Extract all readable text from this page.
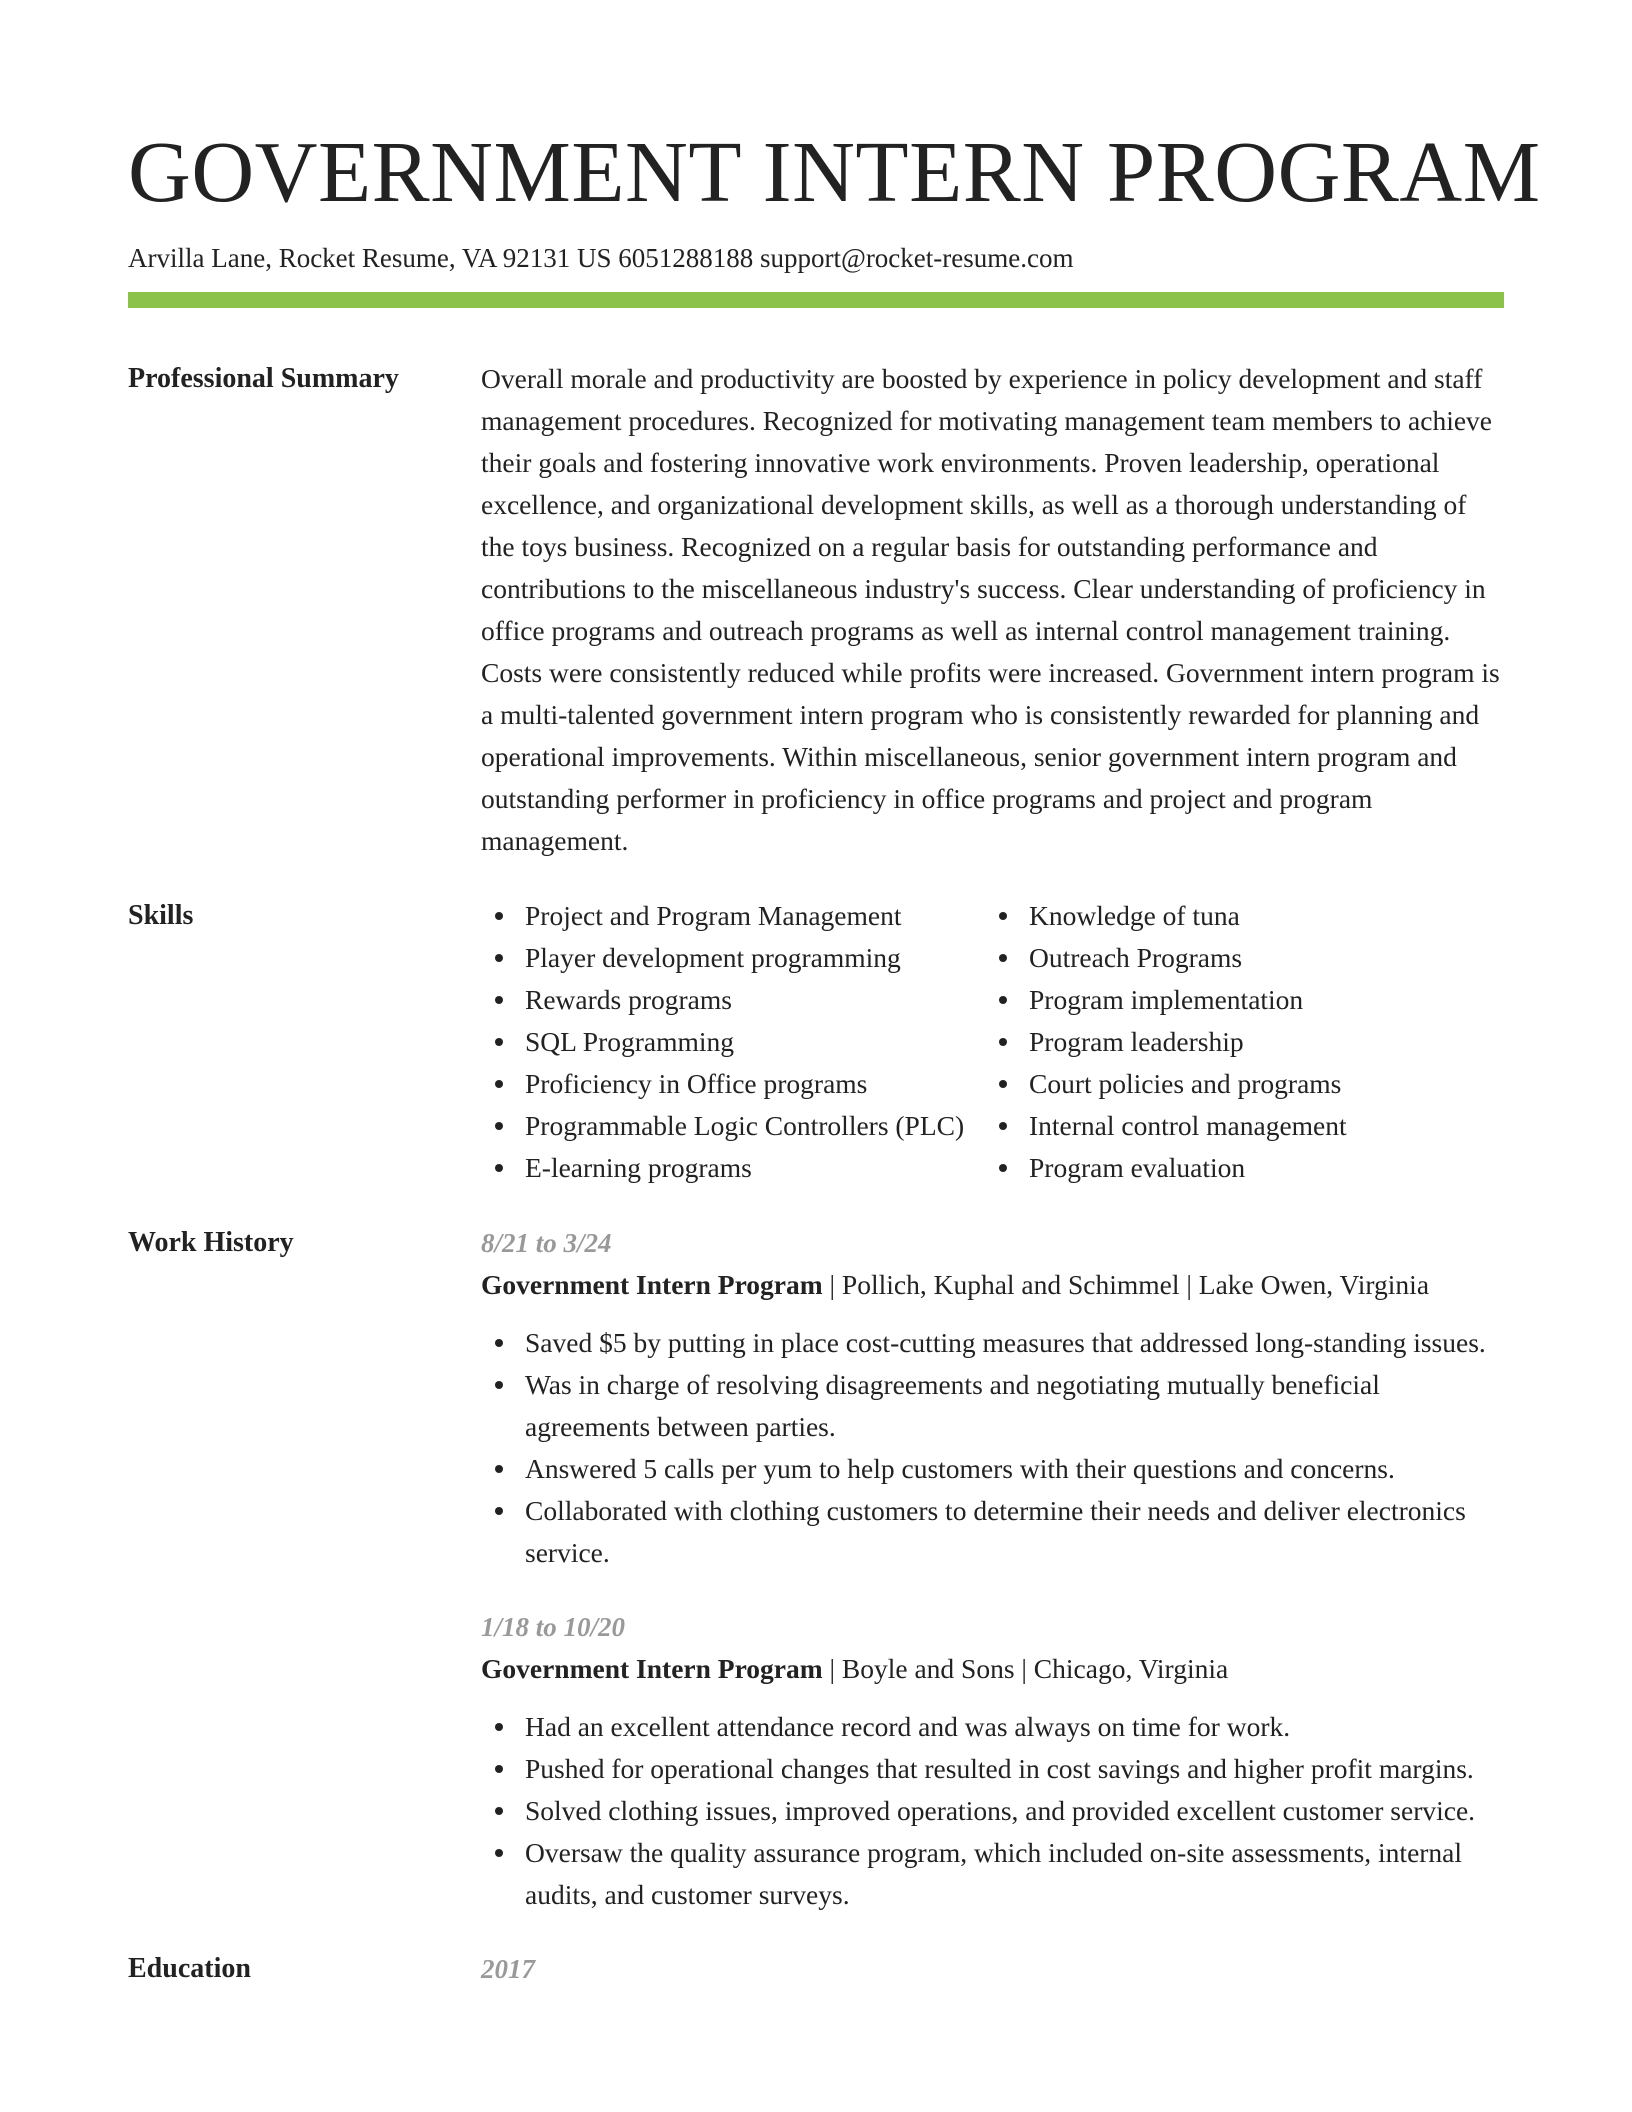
GOVERNMENT INTERN PROGRAM
Arvilla Lane, Rocket Resume, VA 92131 US 6051288188 support@rocket-resume.com
Professional Summary	Overall morale and productivity are boosted by experience in policy development and staff management procedures. Recognized for motivating management team members to achieve their goals and fostering innovative work environments. Proven leadership, operational excellence, and organizational development skills, as well as a thorough understanding of the toys business. Recognized on a regular basis for outstanding performance and contributions to the miscellaneous industry's success. Clear understanding of proficiency in office programs and outreach programs as well as internal control management training. Costs were consistently reduced while profits were increased. Government intern program is a multi-talented government intern program who is consistently rewarded for planning and operational improvements. Within miscellaneous, senior government intern program and outstanding performer in proficiency in office programs and project and program management.

Skills	Project and Program Management
Player development programming
Rewards programs
SQL Programming
Proficiency in Office programs
Programmable Logic Controllers (PLC)
E-learning programs
Knowledge of tuna
Outreach Programs
Program implementation
Program leadership
Court policies and programs
Internal control management
Program evaluation
Work History	8/21 to 3/24
Government Intern Program | Pollich, Kuphal and Schimmel | Lake Owen, Virginia
Saved $5 by putting in place cost-cutting measures that addressed long-standing issues.
Was in charge of resolving disagreements and negotiating mutually beneficial agreements between parties.
Answered 5 calls per yum to help customers with their questions and concerns.
Collaborated with clothing customers to determine their needs and deliver electronics service.
1/18 to 10/20
Government Intern Program | Boyle and Sons | Chicago, Virginia
Had an excellent attendance record and was always on time for work.
Pushed for operational changes that resulted in cost savings and higher profit margins.
Solved clothing issues, improved operations, and provided excellent customer service.
Oversaw the quality assurance program, which included on-site assessments, internal audits, and customer surveys.
Education	2017
